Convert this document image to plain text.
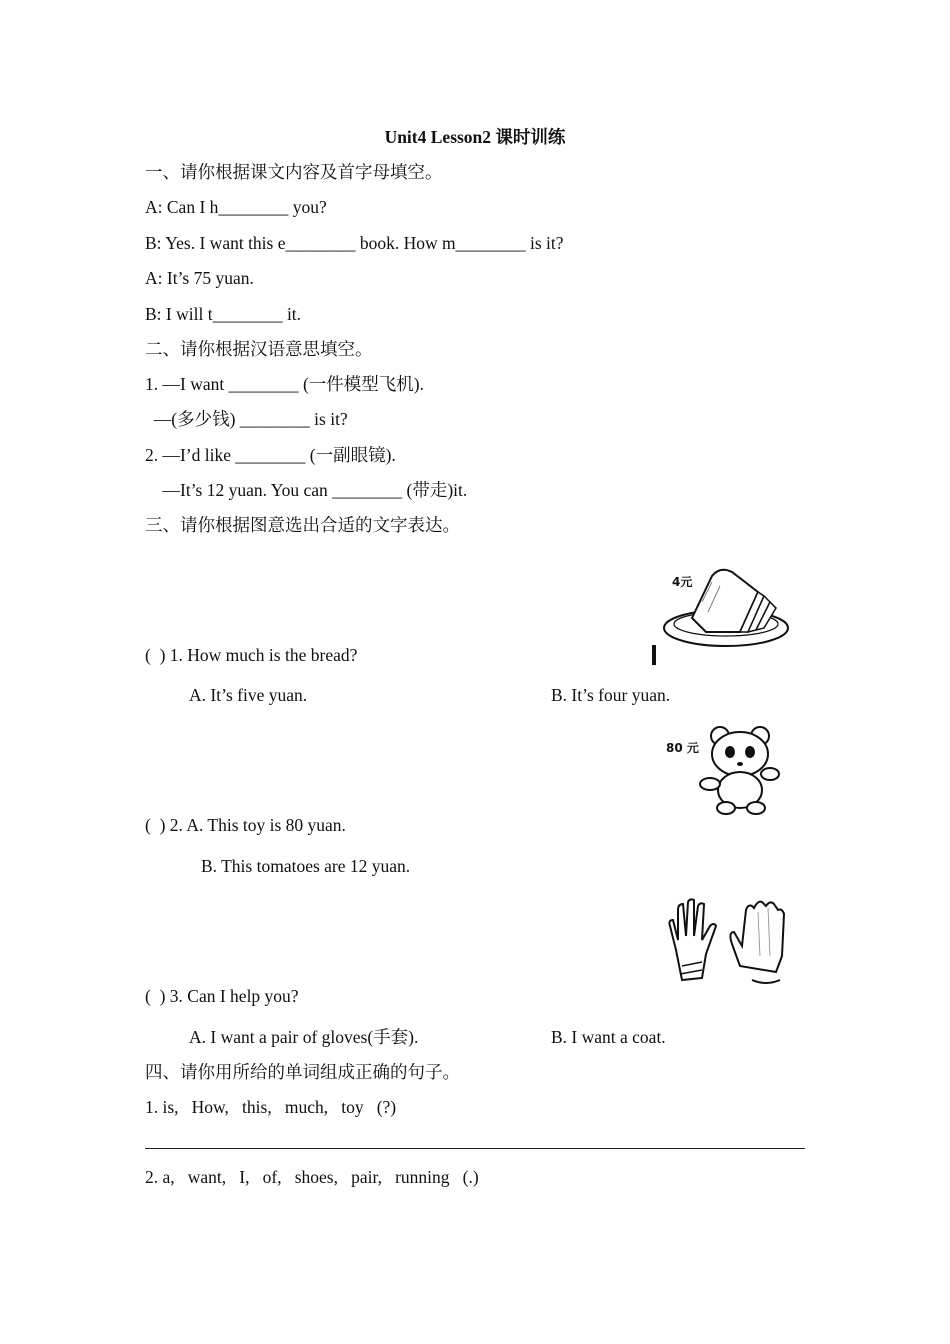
Unit4 Lesson2 课时训练
一、请你根据课文内容及首字母填空。
A: Can I h________ you?
B: Yes. I want this e________ book. How m________ is it?
A: It’s 75 yuan.
B: I will t________ it.
二、请你根据汉语意思填空。
1. —I want ________ (一件模型飞机).
—(多少钱) ________ is it?
2. —I’d like ________ (一副眼镜).
—It’s 12 yuan. You can ________ (带走)it.
三、请你根据图意选出合适的文字表达。
4元
(  ) 1. How much is the bread?
A. It’s five yuan.	B. It’s four yuan.
80 元
(  ) 2. A. This toy is 80 yuan.
B. This tomatoes are 12 yuan.
(  ) 3. Can I help you?
A. I want a pair of gloves(手套).	B. I want a coat.
四、请你用所给的单词组成正确的句子。
1. is,   How,   this,   much,   toy   (?)
2. a,   want,   I,   of,   shoes,   pair,   running   (.)
